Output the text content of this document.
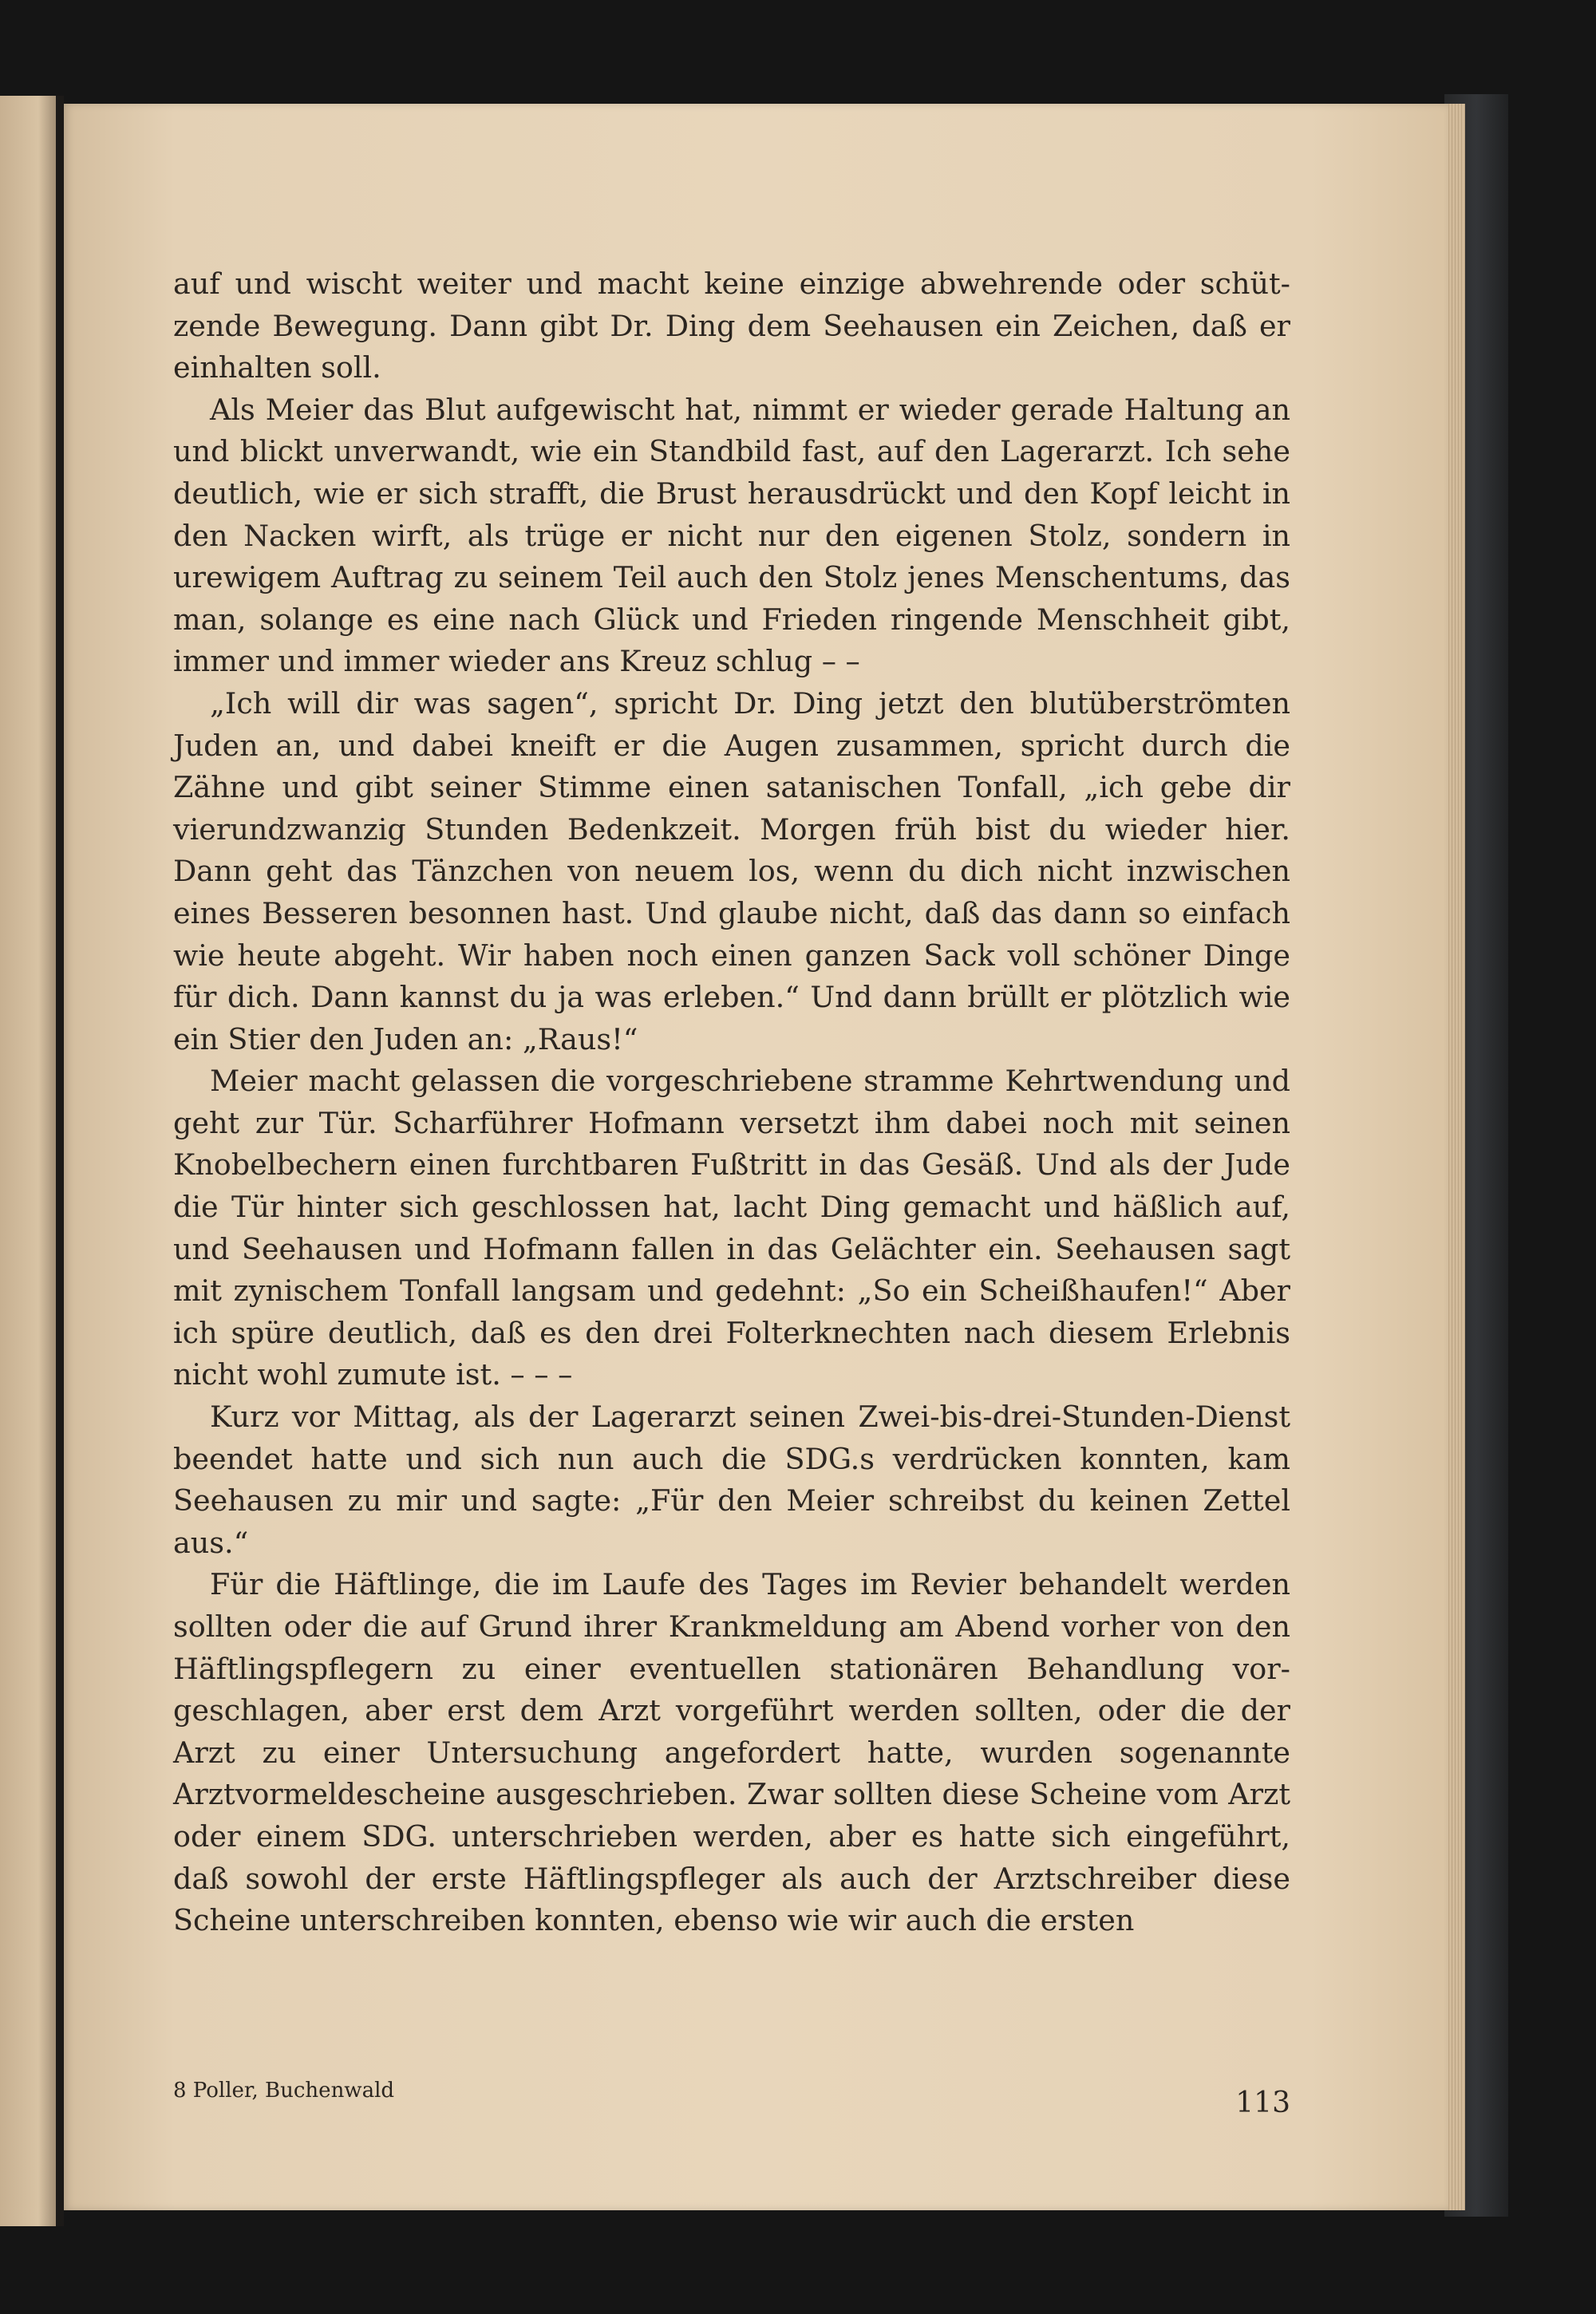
auf und wischt weiter und macht keine einzige abwehrende oder schützende Bewegung. Dann gibt Dr. Ding dem Seehausen ein Zeichen, daß er einhalten soll.

Als Meier das Blut aufgewischt hat, nimmt er wieder gerade Haltung an und blickt unverwandt, wie ein Standbild fast, auf den Lagerarzt. Ich sehe deutlich, wie er sich strafft, die Brust herausdrückt und den Kopf leicht in den Nacken wirft, als trüge er nicht nur den eigenen Stolz, sondern in urewigem Auftrag zu seinem Teil auch den Stolz jenes Menschentums, das man, solange es eine nach Glück und Frieden ringende Menschheit gibt, immer und immer wieder ans Kreuz schlug – –

„Ich will dir was sagen“, spricht Dr. Ding jetzt den blutüberströmten Juden an, und dabei kneift er die Augen zusammen, spricht durch die Zähne und gibt seiner Stimme einen satanischen Tonfall, „ich gebe dir vierundzwanzig Stunden Bedenkzeit. Morgen früh bist du wieder hier. Dann geht das Tänzchen von neuem los, wenn du dich nicht inzwischen eines Besseren besonnen hast. Und glaube nicht, daß das dann so einfach wie heute abgeht. Wir haben noch einen ganzen Sack voll schöner Dinge für dich. Dann kannst du ja was erleben.“ Und dann brüllt er plötzlich wie ein Stier den Juden an: „Raus!“

Meier macht gelassen die vorgeschriebene stramme Kehrtwendung und geht zur Tür. Scharführer Hofmann versetzt ihm dabei noch mit seinen Knobelbechern einen furchtbaren Fußtritt in das Gesäß. Und als der Jude die Tür hinter sich geschlossen hat, lacht Ding gemacht und häßlich auf, und Seehausen und Hofmann fallen in das Gelächter ein. Seehausen sagt mit zynischem Tonfall langsam und gedehnt: „So ein Scheißhaufen!“ Aber ich spüre deutlich, daß es den drei Folterknechten nach diesem Erlebnis nicht wohl zumute ist. – – –

Kurz vor Mittag, als der Lagerarzt seinen Zwei-bis-drei-Stunden-Dienst beendet hatte und sich nun auch die SDG.s verdrücken konnten, kam Seehausen zu mir und sagte: „Für den Meier schreibst du keinen Zettel aus.“

Für die Häftlinge, die im Laufe des Tages im Revier behandelt werden sollten oder die auf Grund ihrer Krankmeldung am Abend vorher von den Häftlingspflegern zu einer eventuellen stationären Behandlung vorgeschlagen, aber erst dem Arzt vorgeführt werden sollten, oder die der Arzt zu einer Untersuchung angefordert hatte, wurden sogenannte Arztvormeldescheine ausgeschrieben. Zwar sollten diese Scheine vom Arzt oder einem SDG. unterschrieben werden, aber es hatte sich eingeführt, daß sowohl der erste Häftlingspfleger als auch der Arztschreiber diese Scheine unterschreiben konnten, ebenso wie wir auch die ersten

8 Poller, Buchenwald	113
